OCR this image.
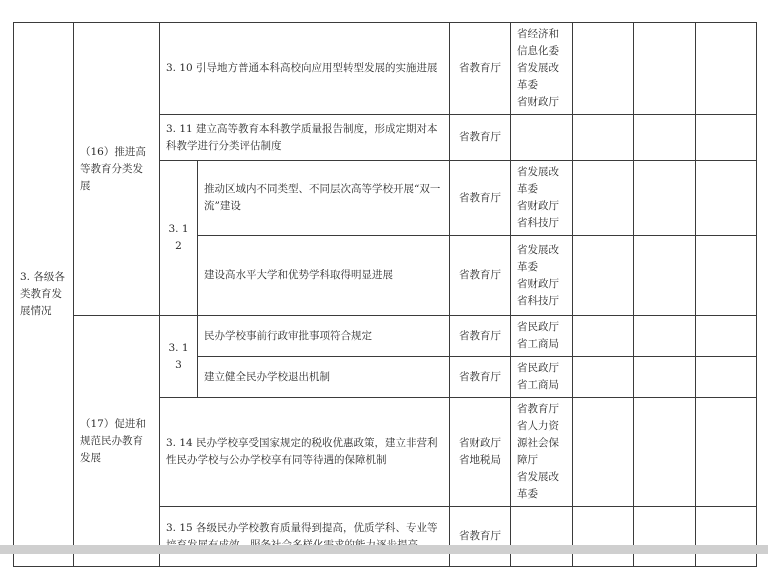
3. 各级各类教育发展情况	（16）推进高等教育分类发展	3. 10 引导地方普通本科高校向应用型转型发展的实施进展		省教育厅	省经济和信息化委
省发展改革委
省财政厅			

		3. 11 建立高等教育本科教学质量报告制度，形成定期对本科教学进行分类评估制度		省教育厅				
		3. 12	推动区域内不同类型、不同层次高等学校开展“双一流”建设	省教育厅	省发展改革委
省财政厅
省科技厅			

			建设高水平大学和优势学科取得明显进展	省教育厅	省发展改革委
省财政厅
省科技厅			

	（17）促进和规范民办教育发展	3. 13	民办学校事前行政审批事项符合规定	省教育厅	省民政厅
省工商局			

			建立健全民办学校退出机制	省教育厅	省民政厅
省工商局			

		3. 14 民办学校享受国家规定的税收优惠政策，建立非营利性民办学校与公办学校享有同等待遇的保障机制		省财政厅
省地税局	省教育厅
省人力资源社会保障厅
省发展改革委			

		3. 15 各级民办学校教育质量得到提高，优质学科、专业等		省教育厅				
